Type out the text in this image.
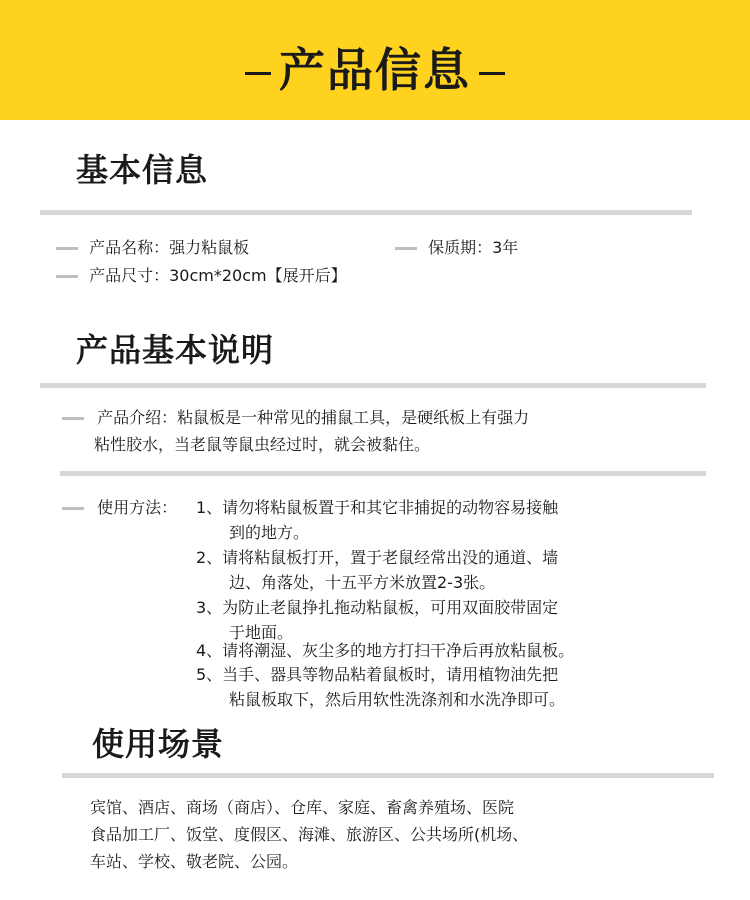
产品信息
基本信息
产品名称：强力粘鼠板	保质期：3年
产品尺寸：30cm*20cm【展开后】
产品基本说明
产品介绍：粘鼠板是一种常见的捕鼠工具，是硬纸板上有强力
粘性胶水，当老鼠等鼠虫经过时，就会被黏住。
使用方法： 1、请勿将粘鼠板置于和其它非捕捉的动物容易接触
到的地方。
2、请将粘鼠板打开，置于老鼠经常出没的通道、墙
边、角落处，十五平方米放置2-3张。
3、为防止老鼠挣扎拖动粘鼠板，可用双面胶带固定
于地面。
4、请将潮湿、灰尘多的地方打扫干净后再放粘鼠板。
5、当手、器具等物品粘着鼠板时，请用植物油先把
粘鼠板取下，然后用软性洗涤剂和水洗净即可。
使用场景
宾馆、酒店、商场（商店）、仓库、家庭、畜禽养殖场、医院
食品加工厂、饭堂、度假区、海滩、旅游区、公共场所(机场、
车站、学校、敬老院、公园。
